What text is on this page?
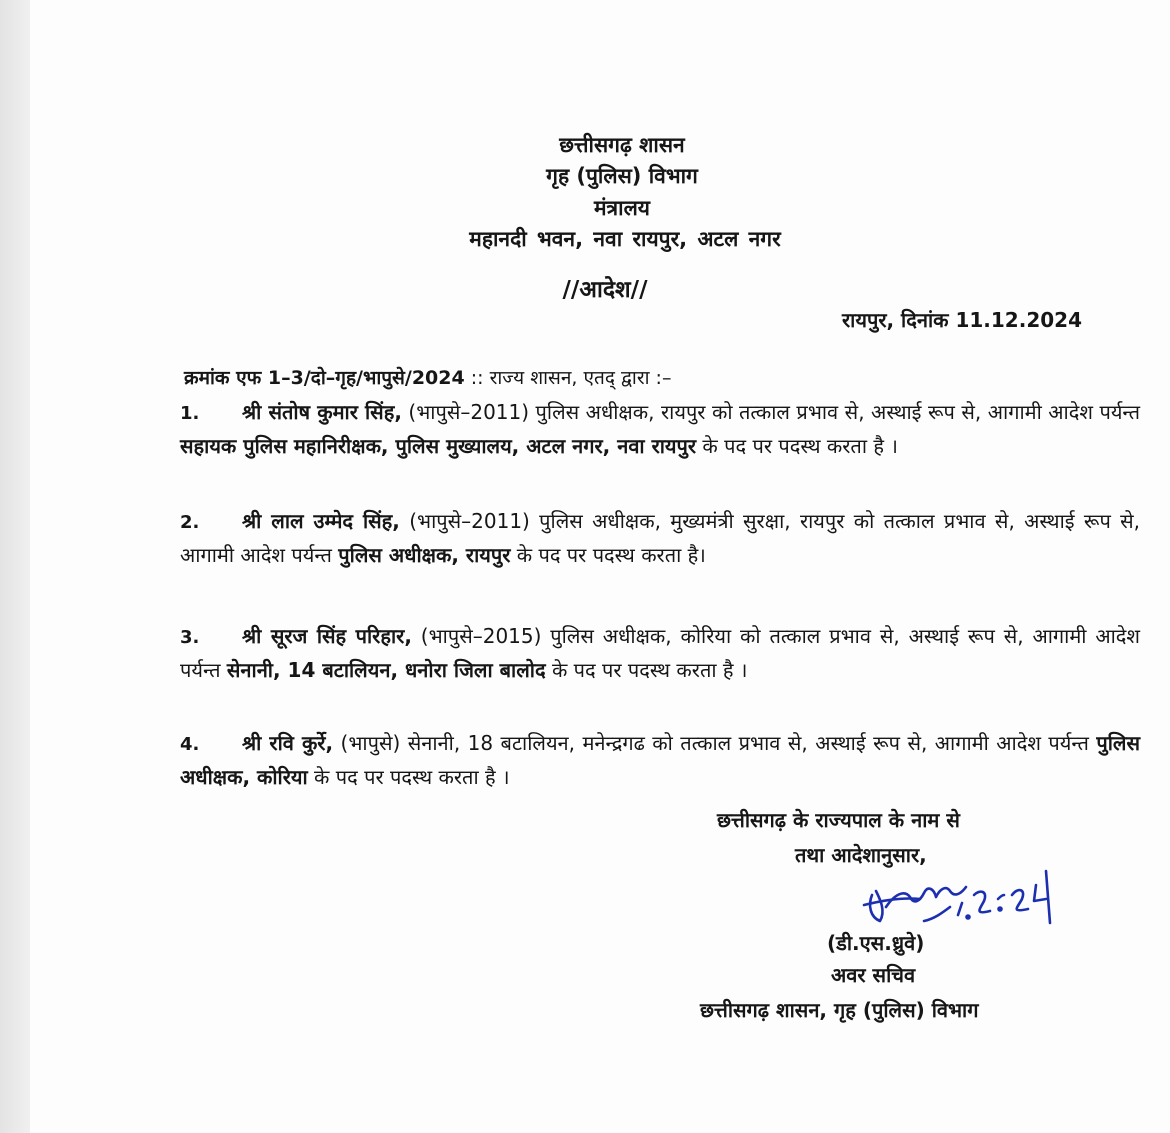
छत्तीसगढ़ शासन
गृह (पुलिस) विभाग
मंत्रालय
महानदी भवन, नवा रायपुर, अटल नगर
//आदेश//
रायपुर, दिनांक 11.12.2024
क्रमांक एफ 1–3/दो–गृह/भापुसे/2024 :: राज्य शासन, एतद् द्वारा :–
1. श्री संतोष कुमार सिंह, (भापुसे–2011) पुलिस अधीक्षक, रायपुर को तत्काल प्रभाव से, अस्थाई रूप से, आगामी आदेश पर्यन्त सहायक पुलिस महानिरीक्षक, पुलिस मुख्यालय, अटल नगर, नवा रायपुर के पद पर पदस्थ करता है ।
2. श्री लाल उम्मेद सिंह, (भापुसे–2011) पुलिस अधीक्षक, मुख्यमंत्री सुरक्षा, रायपुर को तत्काल प्रभाव से, अस्थाई रूप से, आगामी आदेश पर्यन्त पुलिस अधीक्षक, रायपुर के पद पर पदस्थ करता है।
3. श्री सूरज सिंह परिहार, (भापुसे–2015) पुलिस अधीक्षक, कोरिया को तत्काल प्रभाव से, अस्थाई रूप से, आगामी आदेश पर्यन्त सेनानी, 14 बटालियन, धनोरा जिला बालोद के पद पर पदस्थ करता है ।
4. श्री रवि कुर्रे, (भापुसे) सेनानी, 18 बटालियन, मनेन्द्रगढ को तत्काल प्रभाव से, अस्थाई रूप से, आगामी आदेश पर्यन्त पुलिस अधीक्षक, कोरिया के पद पर पदस्थ करता है ।
छत्तीसगढ़ के राज्यपाल के नाम से
तथा आदेशानुसार,
(डी.एस.ध्रुवे)
अवर सचिव
छत्तीसगढ़ शासन, गृह (पुलिस) विभाग
